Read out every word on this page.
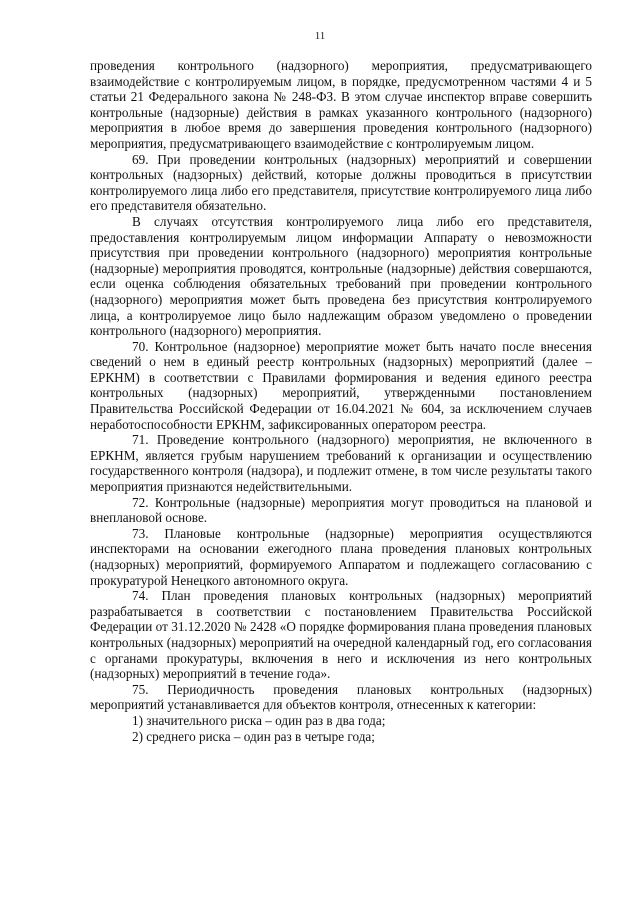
11

проведения контрольного (надзорного) мероприятия, предусматривающего взаимодействие с контролируемым лицом, в порядке, предусмотренном частями 4 и 5 статьи 21 Федерального закона № 248-ФЗ. В этом случае инспектор вправе совершить контрольные (надзорные) действия в рамках указанного контрольного (надзорного) мероприятия в любое время до завершения проведения контрольного (надзорного) мероприятия, предусматривающего взаимодействие с контролируемым лицом.

69. При проведении контрольных (надзорных) мероприятий и совершении контрольных (надзорных) действий, которые должны проводиться в присутствии контролируемого лица либо его представителя, присутствие контролируемого лица либо его представителя обязательно.

В случаях отсутствия контролируемого лица либо его представителя, предоставления контролируемым лицом информации Аппарату о невозможности присутствия при проведении контрольного (надзорного) мероприятия контрольные (надзорные) мероприятия проводятся, контрольные (надзорные) действия совершаются, если оценка соблюдения обязательных требований при проведении контрольного (надзорного) мероприятия может быть проведена без присутствия контролируемого лица, а контролируемое лицо было надлежащим образом уведомлено о проведении контрольного (надзорного) мероприятия.

70. Контрольное (надзорное) мероприятие может быть начато после внесения сведений о нем в единый реестр контрольных (надзорных) мероприятий (далее – ЕРКНМ) в соответствии с Правилами формирования и ведения единого реестра контрольных (надзорных) мероприятий, утвержденными постановлением Правительства Российской Федерации от 16.04.2021 № 604, за исключением случаев неработоспособности ЕРКНМ, зафиксированных оператором реестра.

71. Проведение контрольного (надзорного) мероприятия, не включенного в ЕРКНМ, является грубым нарушением требований к организации и осуществлению государственного контроля (надзора), и подлежит отмене, в том числе результаты такого мероприятия признаются недействительными.

72. Контрольные (надзорные) мероприятия могут проводиться на плановой и внеплановой основе.

73. Плановые контрольные (надзорные) мероприятия осуществляются инспекторами на основании ежегодного плана проведения плановых контрольных (надзорных) мероприятий, формируемого Аппаратом и подлежащего согласованию с прокуратурой Ненецкого автономного округа.

74. План проведения плановых контрольных (надзорных) мероприятий разрабатывается в соответствии с постановлением Правительства Российской Федерации от 31.12.2020 № 2428 «О порядке формирования плана проведения плановых контрольных (надзорных) мероприятий на очередной календарный год, его согласования с органами прокуратуры, включения в него и исключения из него контрольных (надзорных) мероприятий в течение года».

75. Периодичность проведения плановых контрольных (надзорных) мероприятий устанавливается для объектов контроля, отнесенных к категории:

1) значительного риска – один раз в два года;

2) среднего риска – один раз в четыре года;
